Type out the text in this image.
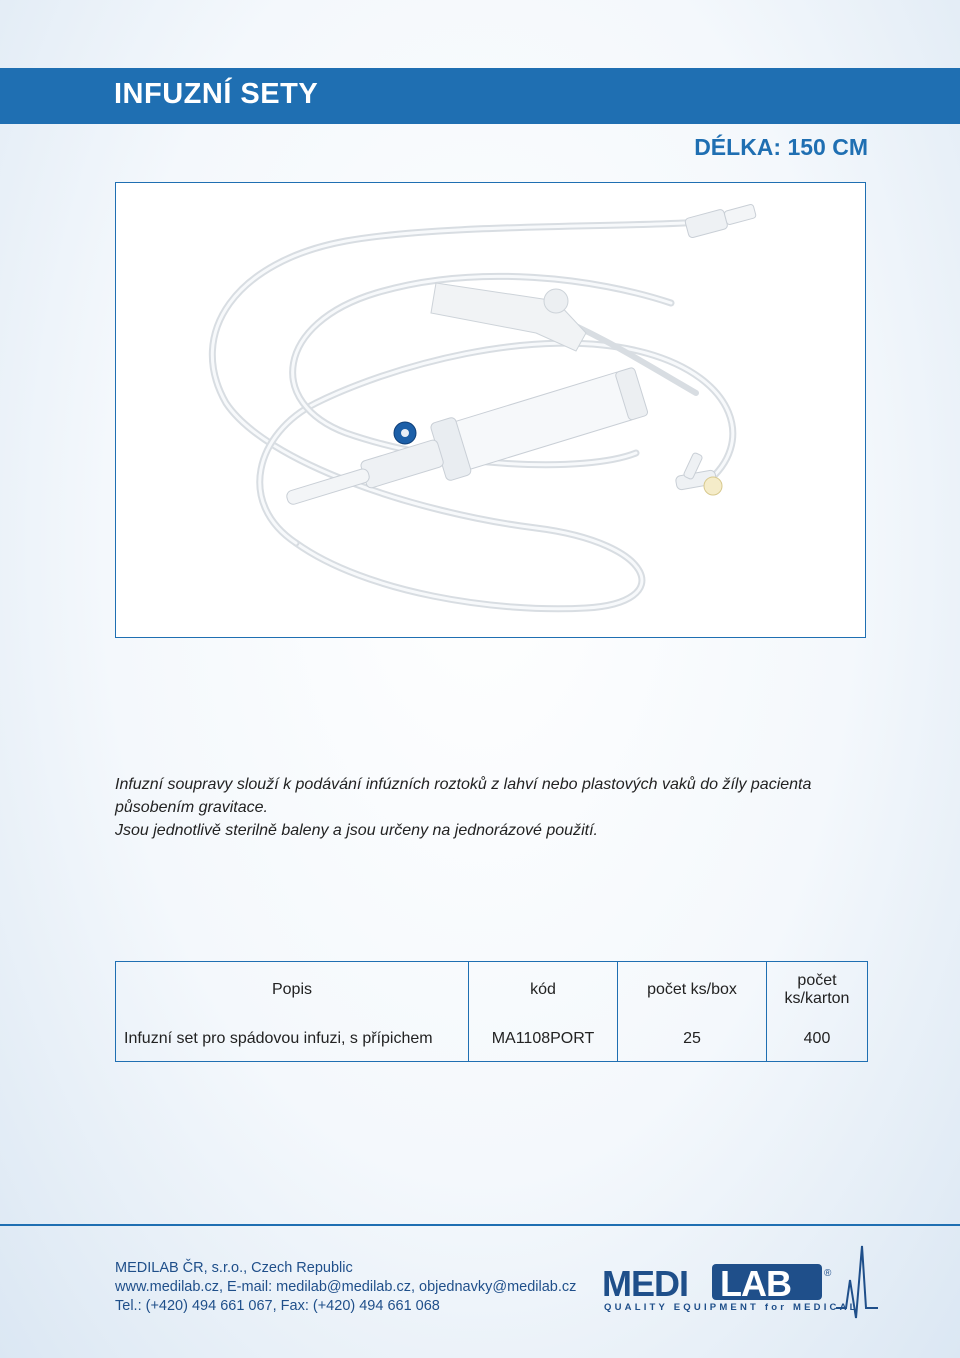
INFUZNÍ SETY
DÉLKA: 150 CM

Infuzní soupravy slouží k podávání infúzních roztoků z lahví nebo plastových vaků do žíly pacienta

působením gravitace.

Jsou jednotlivě sterilně baleny a jsou určeny na jednorázové použití.

Popis	kód	počet ks/box	počet ks/karton
Infuzní set pro spádovou infuzi, s přípichem	MA1108PORT	25	400
MEDILAB ČR, s.r.o., Czech Republic
www.medilab.cz, E-mail: medilab@medilab.cz, objednavky@medilab.cz
Tel.: (+420) 494 661 067, Fax: (+420) 494 661 068
MEDI LAB	®
QUALITY EQUIPMENT for MEDICAL
